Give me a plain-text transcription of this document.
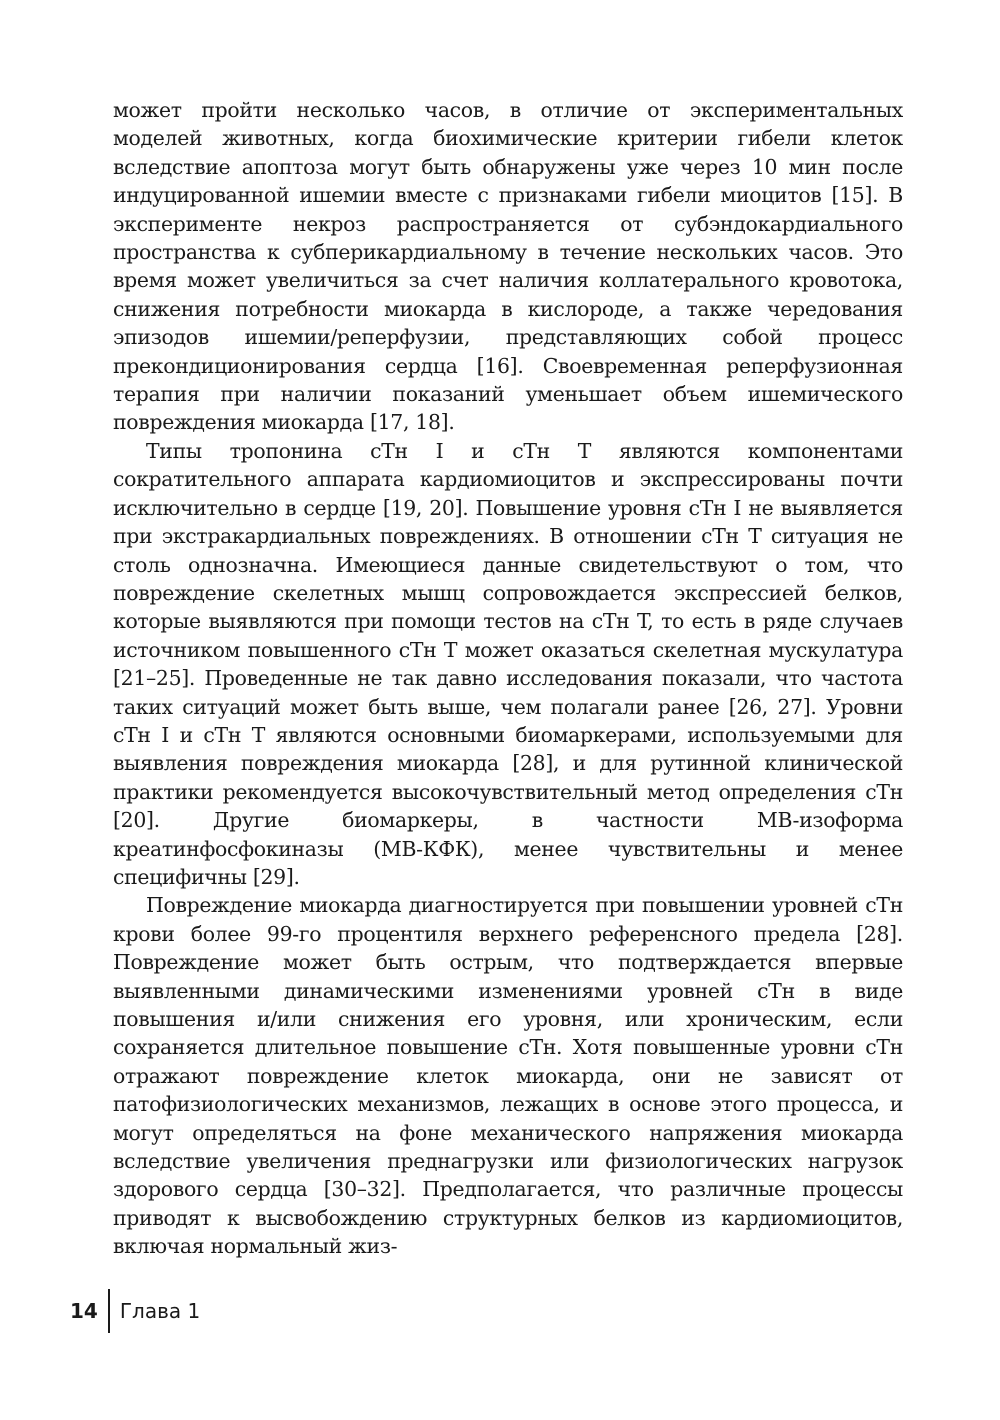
может пройти несколько часов, в отличие от экспериментальных моделей животных, когда биохимические критерии гибели клеток вследствие апоптоза могут быть обнаружены уже через 10 мин после индуцированной ишемии вместе с признаками гибели миоцитов [15]. В эксперименте некроз распространяется от субэндокардиального пространства к субперикардиальному в течение нескольких часов. Это время может увеличиться за счет наличия коллатерального кровотока, снижения потребности миокарда в кислороде, а также чередования эпизодов ишемии/реперфузии, представляющих собой процесс прекондиционирования сердца [16]. Своевременная реперфузионная терапия при наличии показаний уменьшает объем ишемического повреждения миокарда [17, 18].

Типы тропонина сТн I и сТн T являются компонентами сократительного аппарата кардиомиоцитов и экспрессированы почти исключительно в сердце [19, 20]. Повышение уровня сТн I не выявляется при экстракардиальных повреждениях. В отношении сТн T ситуация не столь однозначна. Имеющиеся данные свидетельствуют о том, что повреждение скелетных мышц сопровождается экспрессией белков, которые выявляются при помощи тестов на сТн T, то есть в ряде случаев источником повышенного сТн T может оказаться скелетная мускулатура [21–25]. Проведенные не так давно исследования показали, что частота таких ситуаций может быть выше, чем полагали ранее [26, 27]. Уровни сТн I и сТн T являются основными биомаркерами, используемыми для выявления повреждения миокарда [28], и для рутинной клинической практики рекомендуется высокочувствительный метод определения сТн [20]. Другие биомаркеры, в частности MB-изоформа креатинфосфокиназы (МВ-КФК), менее чувствительны и менее специфичны [29].

Повреждение миокарда диагностируется при повышении уровней сТн крови более 99-го процентиля верхнего референсного предела [28]. Повреждение может быть острым, что подтверждается впервые выявленными динамическими изменениями уровней сТн в виде повышения и/или снижения его уровня, или хроническим, если сохраняется длительное повышение сТн. Хотя повышенные уровни сТн отражают повреждение клеток миокарда, они не зависят от патофизиологических механизмов, лежащих в основе этого процесса, и могут определяться на фоне механического напряжения миокарда вследствие увеличения преднагрузки или физиологических нагрузок здорового сердца [30–32]. Предполагается, что различные процессы приводят к высвобождению структурных белков из кардиомиоцитов, включая нормальный жиз-

14	Глава 1
